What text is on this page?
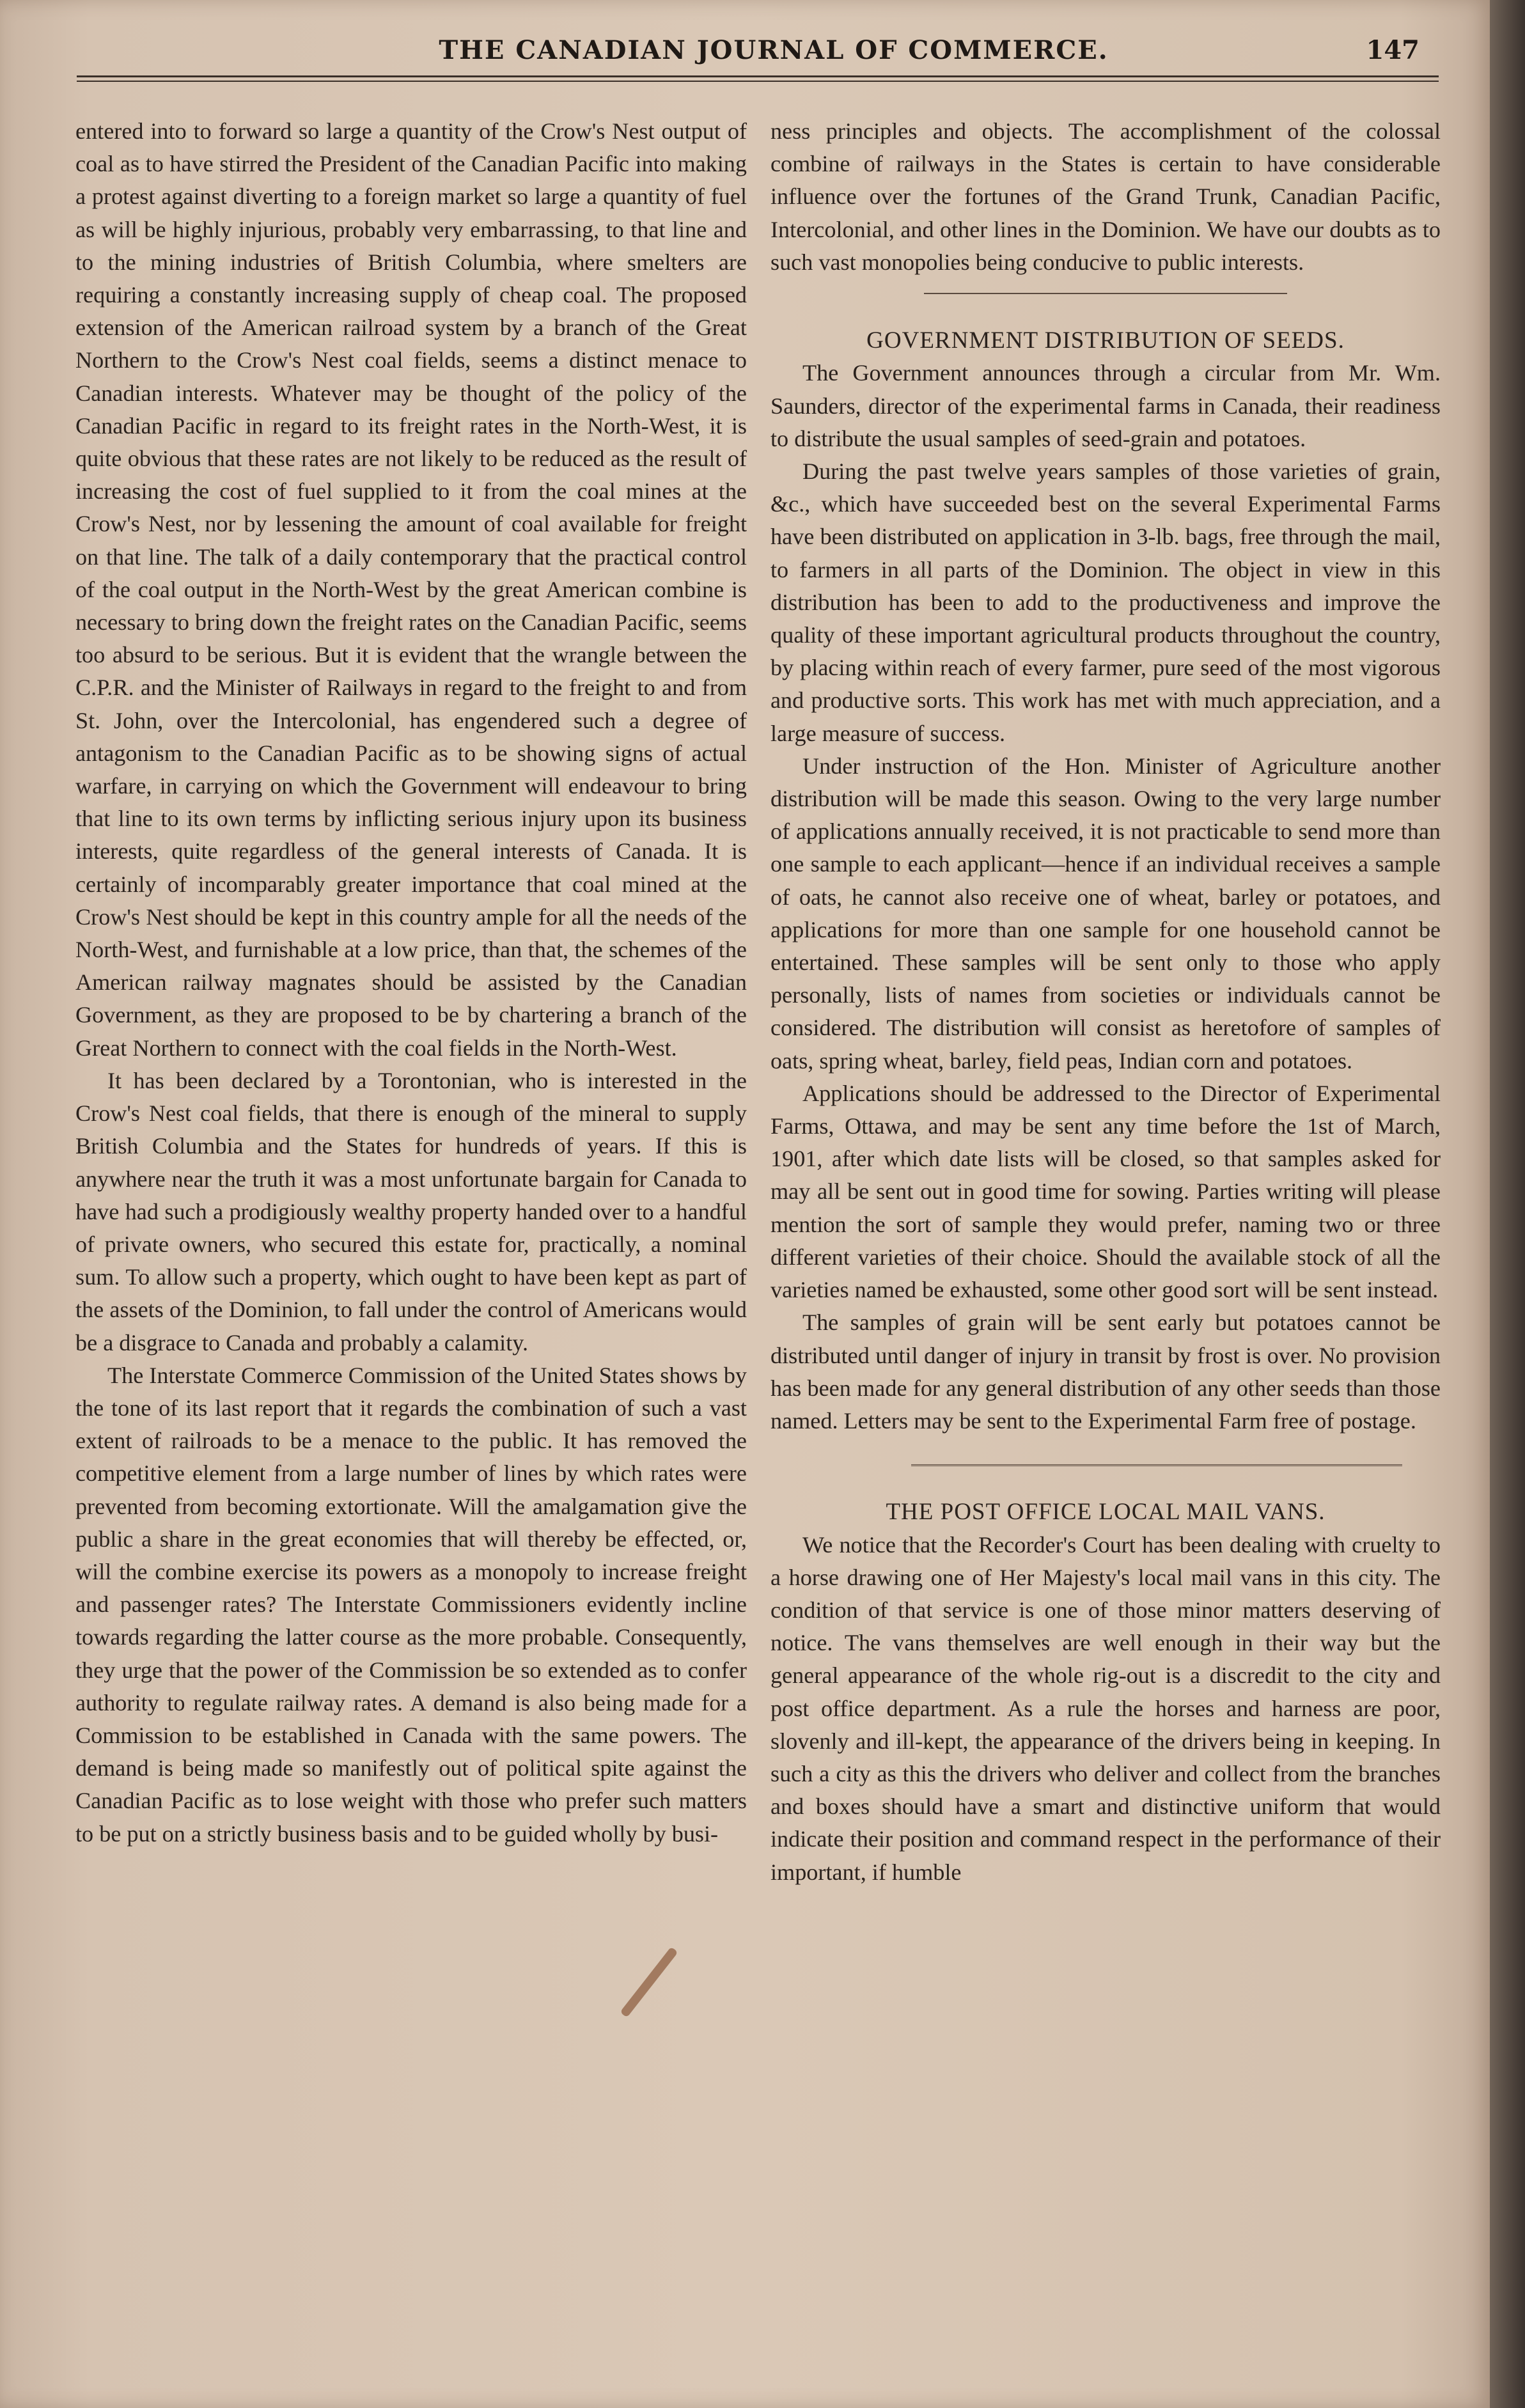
THE CANADIAN JOURNAL OF COMMERCE.	147

entered into to forward so large a quantity of the Crow's Nest output of coal as to have stirred the President of the Canadian Pacific into making a protest against diverting to a foreign market so large a quantity of fuel as will be highly injurious, probably very embarrassing, to that line and to the mining industries of British Columbia, where smelters are requiring a constantly increasing supply of cheap coal. The proposed extension of the American railroad system by a branch of the Great Northern to the Crow's Nest coal fields, seems a distinct menace to Canadian interests. Whatever may be thought of the policy of the Canadian Pacific in regard to its freight rates in the North-West, it is quite obvious that these rates are not likely to be reduced as the result of increasing the cost of fuel supplied to it from the coal mines at the Crow's Nest, nor by lessening the amount of coal available for freight on that line. The talk of a daily contemporary that the practical control of the coal output in the North-West by the great American combine is necessary to bring down the freight rates on the Canadian Pacific, seems too absurd to be serious. But it is evident that the wrangle between the C.P.R. and the Minister of Railways in regard to the freight to and from St. John, over the Intercolonial, has engendered such a degree of antagonism to the Canadian Pacific as to be showing signs of actual warfare, in carrying on which the Government will endeavour to bring that line to its own terms by inflicting serious injury upon its business interests, quite regardless of the general interests of Canada. It is certainly of incomparably greater importance that coal mined at the Crow's Nest should be kept in this country ample for all the needs of the North-West, and furnishable at a low price, than that, the schemes of the American railway magnates should be assisted by the Canadian Government, as they are proposed to be by chartering a branch of the Great Northern to connect with the coal fields in the North-West.

It has been declared by a Torontonian, who is interested in the Crow's Nest coal fields, that there is enough of the mineral to supply British Columbia and the States for hundreds of years. If this is anywhere near the truth it was a most unfortunate bargain for Canada to have had such a prodigiously wealthy property handed over to a handful of private owners, who secured this estate for, practically, a nominal sum. To allow such a property, which ought to have been kept as part of the assets of the Dominion, to fall under the control of Americans would be a disgrace to Canada and probably a calamity.

The Interstate Commerce Commission of the United States shows by the tone of its last report that it regards the combination of such a vast extent of railroads to be a menace to the public. It has removed the competitive element from a large number of lines by which rates were prevented from becoming extortionate. Will the amalgamation give the public a share in the great economies that will thereby be effected, or, will the combine exercise its powers as a monopoly to increase freight and passenger rates? The Interstate Commissioners evidently incline towards regarding the latter course as the more probable. Consequently, they urge that the power of the Commission be so extended as to confer authority to regulate railway rates. A demand is also being made for a Commission to be established in Canada with the same powers. The demand is being made so manifestly out of political spite against the Canadian Pacific as to lose weight with those who prefer such matters to be put on a strictly business basis and to be guided wholly by busi-

ness principles and objects. The accomplishment of the colossal combine of railways in the States is certain to have considerable influence over the fortunes of the Grand Trunk, Canadian Pacific, Intercolonial, and other lines in the Dominion. We have our doubts as to such vast monopolies being conducive to public interests.

GOVERNMENT DISTRIBUTION OF SEEDS.

The Government announces through a circular from Mr. Wm. Saunders, director of the experimental farms in Canada, their readiness to distribute the usual samples of seed-grain and potatoes.

During the past twelve years samples of those varieties of grain, &c., which have succeeded best on the several Experimental Farms have been distributed on application in 3-lb. bags, free through the mail, to farmers in all parts of the Dominion. The object in view in this distribution has been to add to the productiveness and improve the quality of these important agricultural products throughout the country, by placing within reach of every farmer, pure seed of the most vigorous and productive sorts. This work has met with much appreciation, and a large measure of success.

Under instruction of the Hon. Minister of Agriculture another distribution will be made this season. Owing to the very large number of applications annually received, it is not practicable to send more than one sample to each applicant—hence if an individual receives a sample of oats, he cannot also receive one of wheat, barley or potatoes, and applications for more than one sample for one household cannot be entertained. These samples will be sent only to those who apply personally, lists of names from societies or individuals cannot be considered. The distribution will consist as heretofore of samples of oats, spring wheat, barley, field peas, Indian corn and potatoes.

Applications should be addressed to the Director of Experimental Farms, Ottawa, and may be sent any time before the 1st of March, 1901, after which date lists will be closed, so that samples asked for may all be sent out in good time for sowing. Parties writing will please mention the sort of sample they would prefer, naming two or three different varieties of their choice. Should the available stock of all the varieties named be exhausted, some other good sort will be sent instead.

The samples of grain will be sent early but potatoes cannot be distributed until danger of injury in transit by frost is over. No provision has been made for any general distribution of any other seeds than those named. Letters may be sent to the Experimental Farm free of postage.

THE POST OFFICE LOCAL MAIL VANS.

We notice that the Recorder's Court has been dealing with cruelty to a horse drawing one of Her Majesty's local mail vans in this city. The condition of that service is one of those minor matters deserving of notice. The vans themselves are well enough in their way but the general appearance of the whole rig-out is a discredit to the city and post office department. As a rule the horses and harness are poor, slovenly and ill-kept, the appearance of the drivers being in keeping. In such a city as this the drivers who deliver and collect from the branches and boxes should have a smart and distinctive uniform that would indicate their position and command respect in the performance of their important, if humble
